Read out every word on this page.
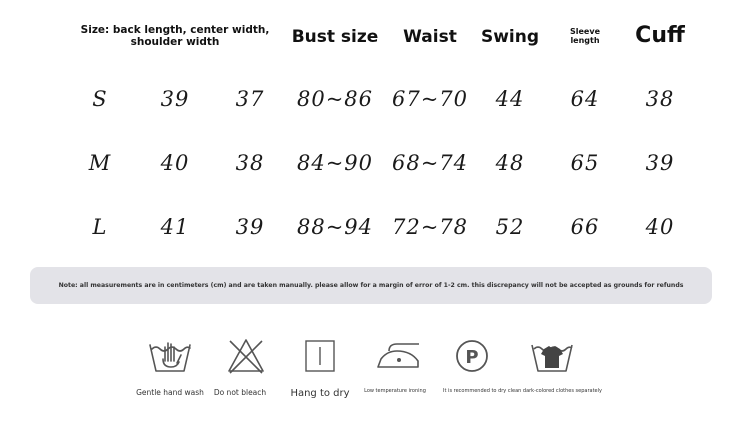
Size: back length, center width, shoulder width	Bust size	Waist	Swing	Sleeve length	Cuff
S	39	37	80~86 67~70	44	64	38
M	40	38	84~90 68~74	48	65	39
L	41	39	88~94 72~78	52	66	40
Note: all measurements are in centimeters (cm) and are taken manually. please allow for a margin of error of 1-2 cm. this discrepancy will not be accepted as grounds for refunds
Gentle hand wash	Do not bleach	Hang to dry	Low temperature ironing
P
It is recommended to dry clean dark-colored clothes separately
